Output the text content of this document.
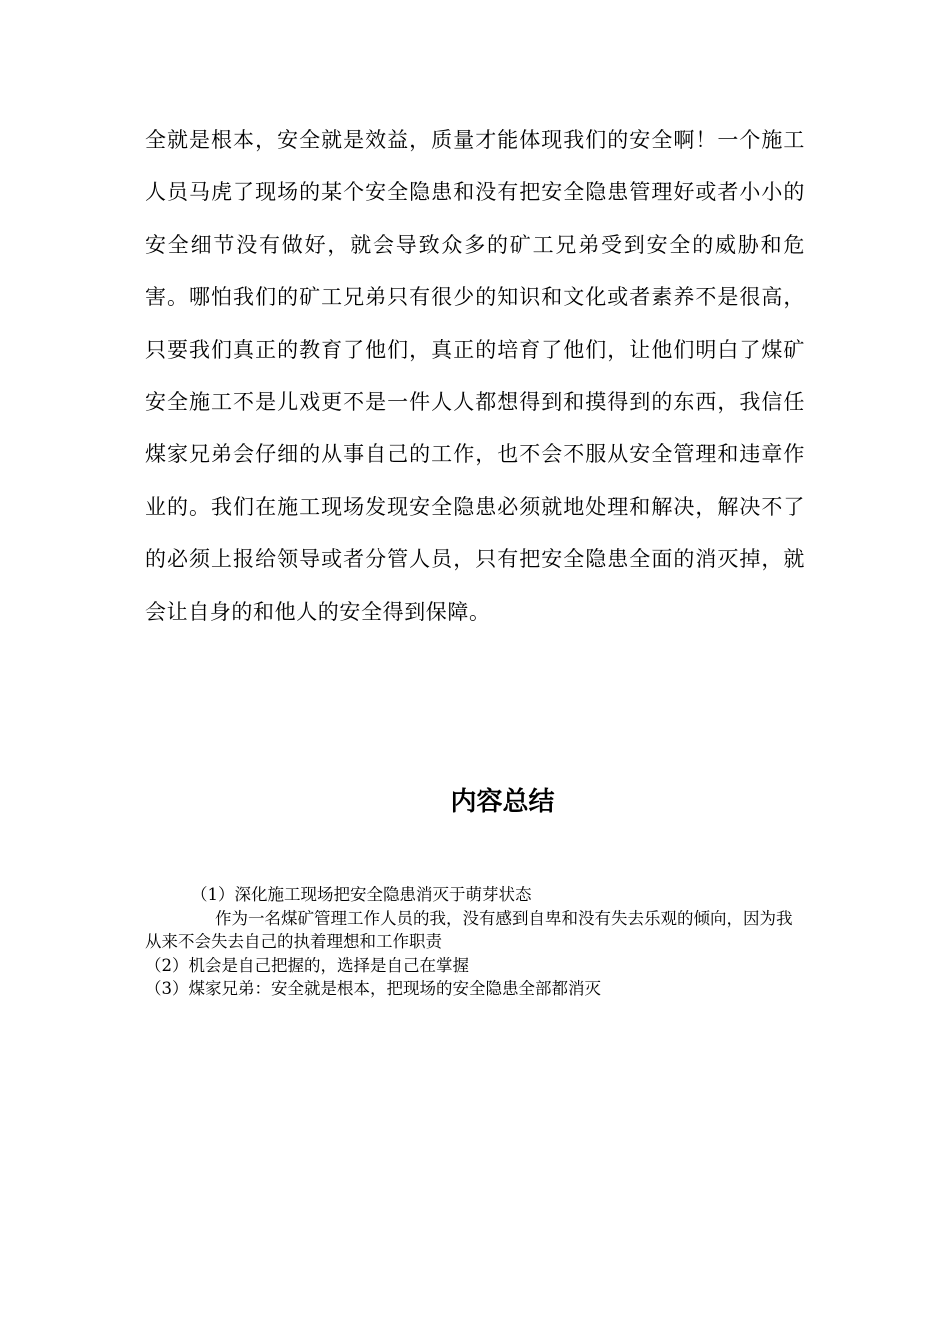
全就是根本，安全就是效益，质量才能体现我们的安全啊！一个施工人员马虎了现场的某个安全隐患和没有把安全隐患管理好或者小小的安全细节没有做好，就会导致众多的矿工兄弟受到安全的威胁和危害。哪怕我们的矿工兄弟只有很少的知识和文化或者素养不是很高，只要我们真正的教育了他们，真正的培育了他们，让他们明白了煤矿安全施工不是儿戏更不是一件人人都想得到和摸得到的东西，我信任煤家兄弟会仔细的从事自己的工作，也不会不服从安全管理和违章作业的。我们在施工现场发现安全隐患必须就地处理和解决，解决不了的必须上报给领导或者分管人员，只有把安全隐患全面的消灭掉，就会让自身的和他人的安全得到保障。

内容总结

（1）深化施工现场把安全隐患消灭于萌芽状态

作为一名煤矿管理工作人员的我，没有感到自卑和没有失去乐观的倾向，因为我从来不会失去自己的执着理想和工作职责

（2）机会是自己把握的，选择是自己在掌握

（3）煤家兄弟：安全就是根本，把现场的安全隐患全部都消灭
